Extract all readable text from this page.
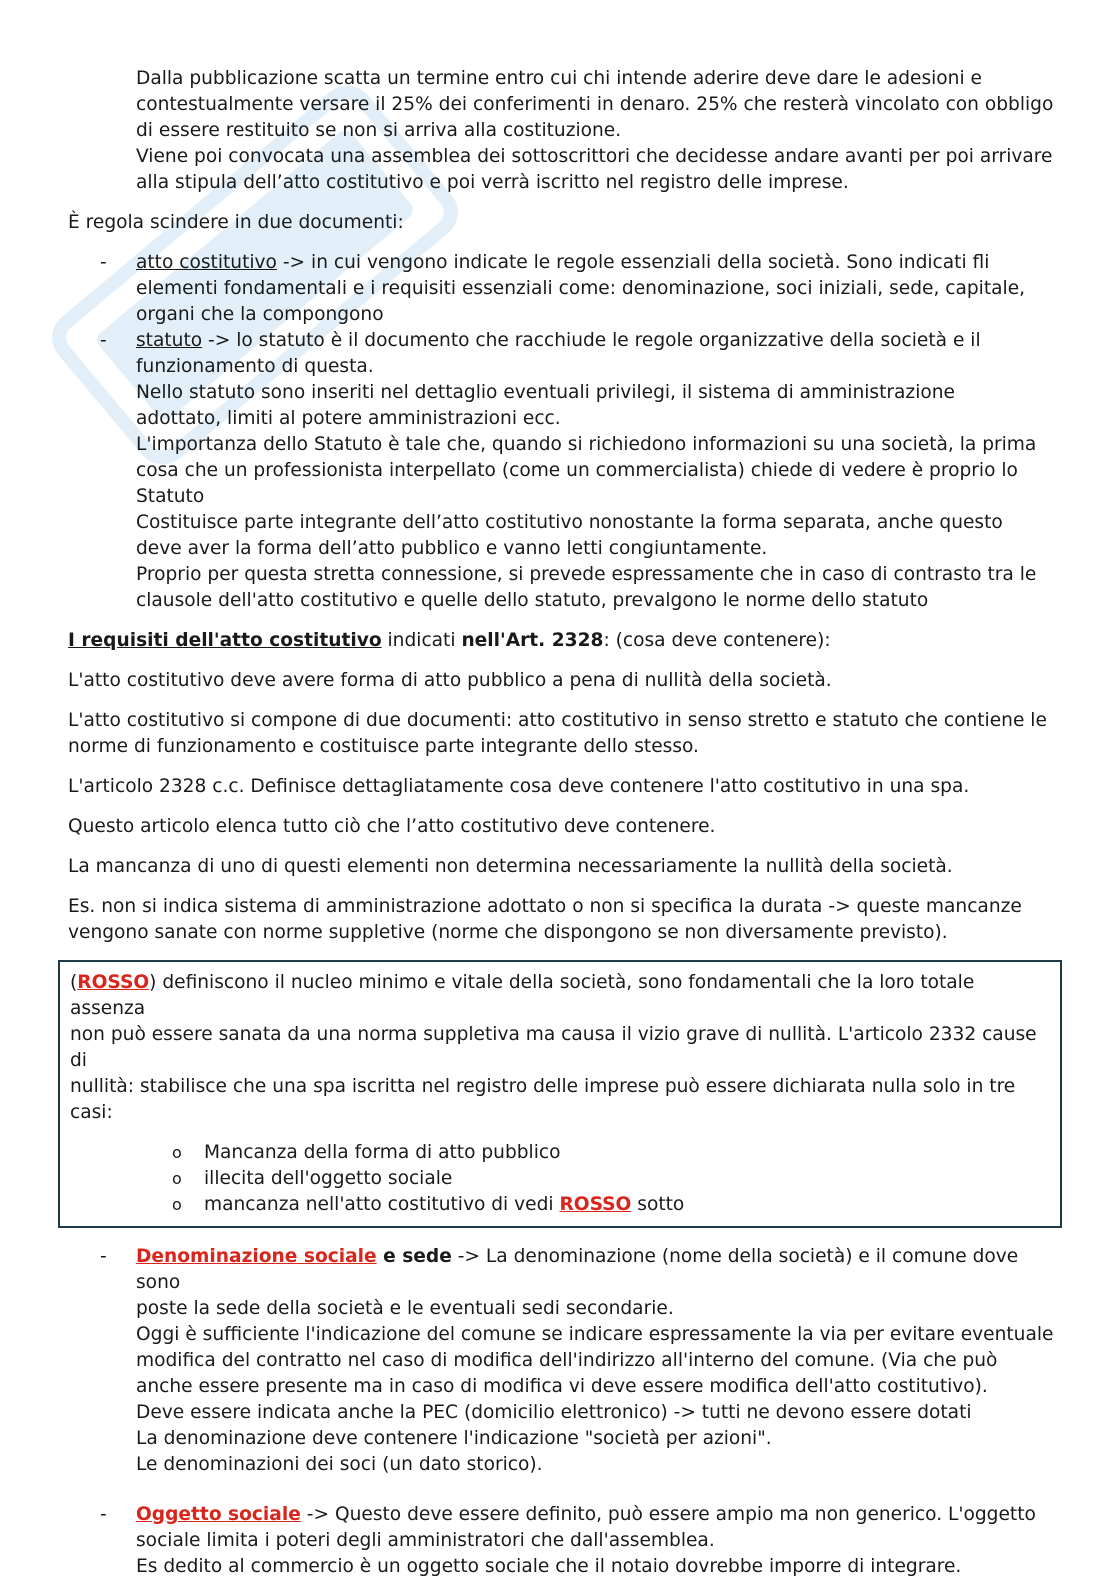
Dalla pubblicazione scatta un termine entro cui chi intende aderire deve dare le adesioni e
contestualmente versare il 25% dei conferimenti in denaro. 25% che resterà vincolato con obbligo
di essere restituito se non si arriva alla costituzione.
Viene poi convocata una assemblea dei sottoscrittori che decidesse andare avanti per poi arrivare
alla stipula dell’atto costitutivo e poi verrà iscritto nel registro delle imprese.
È regola scindere in due documenti:
- atto costitutivo -> in cui vengono indicate le regole essenziali della società. Sono indicati fli
elementi fondamentali e i requisiti essenziali come: denominazione, soci iniziali, sede, capitale,
organi che la compongono
- statuto -> lo statuto è il documento che racchiude le regole organizzative della società e il
funzionamento di questa.
Nello statuto sono inseriti nel dettaglio eventuali privilegi, il sistema di amministrazione
adottato, limiti al potere amministrazioni ecc.
L'importanza dello Statuto è tale che, quando si richiedono informazioni su una società, la prima
cosa che un professionista interpellato (come un commercialista) chiede di vedere è proprio lo
Statuto
Costituisce parte integrante dell’atto costitutivo nonostante la forma separata, anche questo
deve aver la forma dell’atto pubblico e vanno letti congiuntamente.
Proprio per questa stretta connessione, si prevede espressamente che in caso di contrasto tra le
clausole dell'atto costitutivo e quelle dello statuto, prevalgono le norme dello statuto
I requisiti dell'atto costitutivo indicati nell'Art. 2328: (cosa deve contenere):
L'atto costitutivo deve avere forma di atto pubblico a pena di nullità della società.
L'atto costitutivo si compone di due documenti: atto costitutivo in senso stretto e statuto che contiene le
norme di funzionamento e costituisce parte integrante dello stesso.
L'articolo 2328 c.c. Definisce dettagliatamente cosa deve contenere l'atto costitutivo in una spa.
Questo articolo elenca tutto ciò che l’atto costitutivo deve contenere.
La mancanza di uno di questi elementi non determina necessariamente la nullità della società.
Es. non si indica sistema di amministrazione adottato o non si specifica la durata -> queste mancanze
vengono sanate con norme suppletive (norme che dispongono se non diversamente previsto).
(ROSSO) definiscono il nucleo minimo e vitale della società, sono fondamentali che la loro totale assenza
non può essere sanata da una norma suppletiva ma causa il vizio grave di nullità. L'articolo 2332 cause di
nullità: stabilisce che una spa iscritta nel registro delle imprese può essere dichiarata nulla solo in tre
casi:
o Mancanza della forma di atto pubblico
o illecita dell'oggetto sociale
o mancanza nell'atto costitutivo di vedi ROSSO sotto
- Denominazione sociale e sede -> La denominazione (nome della società) e il comune dove sono
poste la sede della società e le eventuali sedi secondarie.
Oggi è sufficiente l'indicazione del comune se indicare espressamente la via per evitare eventuale
modifica del contratto nel caso di modifica dell'indirizzo all'interno del comune. (Via che può
anche essere presente ma in caso di modifica vi deve essere modifica dell'atto costitutivo).
Deve essere indicata anche la PEC (domicilio elettronico) -> tutti ne devono essere dotati
La denominazione deve contenere l'indicazione "società per azioni".
Le denominazioni dei soci (un dato storico).
- Oggetto sociale -> Questo deve essere definito, può essere ampio ma non generico. L'oggetto
sociale limita i poteri degli amministratori che dall'assemblea.
Es dedito al commercio è un oggetto sociale che il notaio dovrebbe imporre di integrare.
